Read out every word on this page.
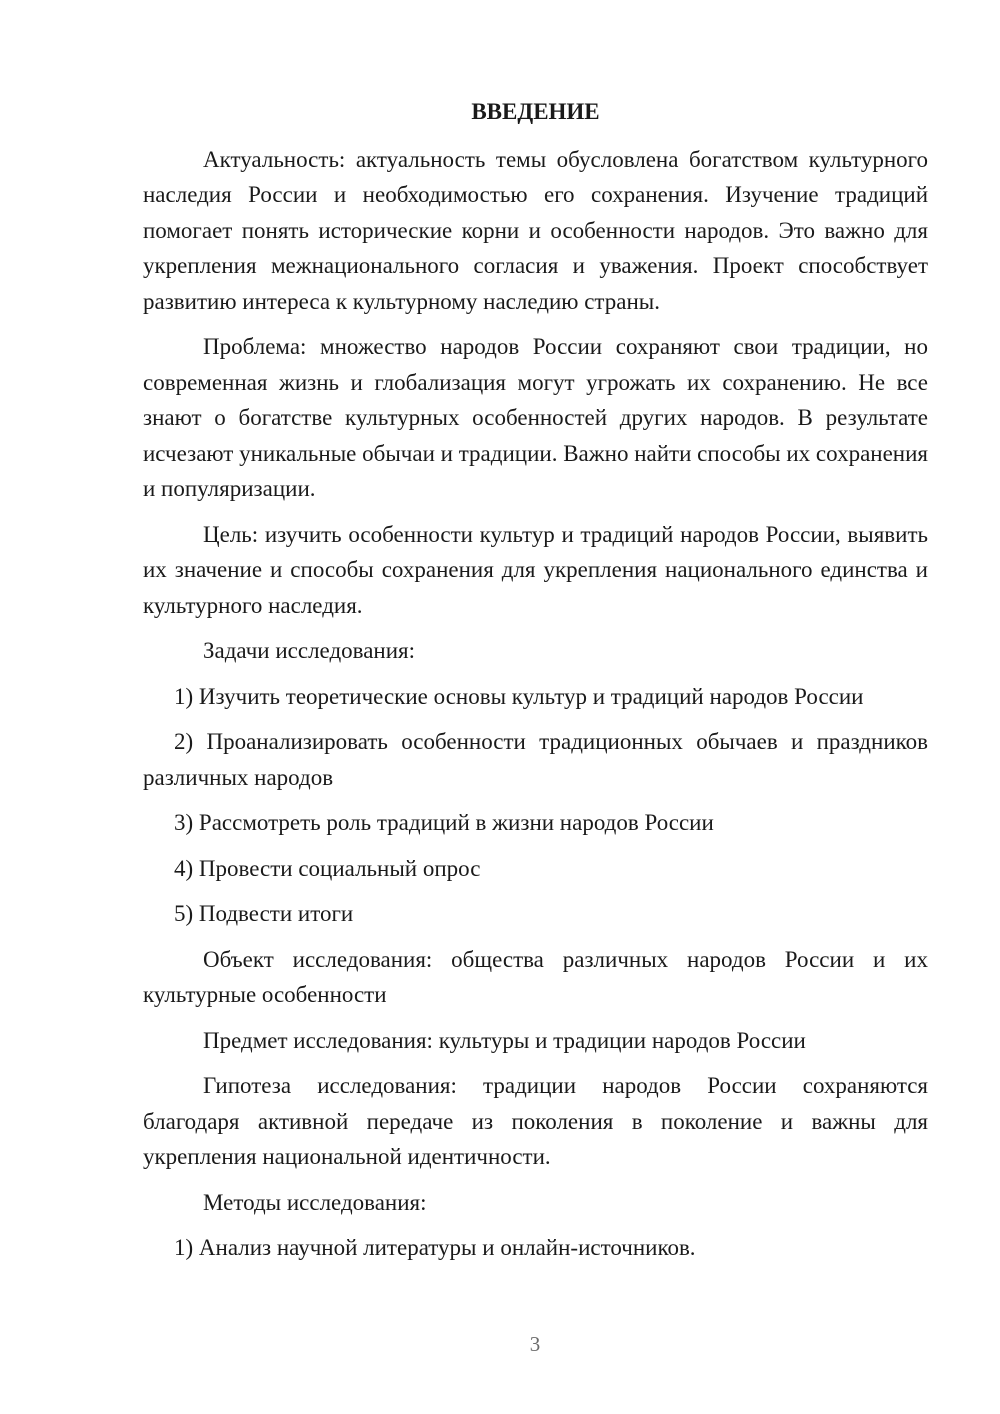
ВВЕДЕНИЕ

Актуальность: актуальность темы обусловлена богатством культурного наследия России и необходимостью его сохранения. Изучение традиций помогает понять исторические корни и особенности народов. Это важно для укрепления межнационального согласия и уважения. Проект способствует развитию интереса к культурному наследию страны.

Проблема: множество народов России сохраняют свои традиции, но современная жизнь и глобализация могут угрожать их сохранению. Не все знают о богатстве культурных особенностей других народов. В результате исчезают уникальные обычаи и традиции. Важно найти способы их сохранения и популяризации.

Цель: изучить особенности культур и традиций народов России, выявить их значение и способы сохранения для укрепления национального единства и культурного наследия.

Задачи исследования:

1) Изучить теоретические основы культур и традиций народов России

2) Проанализировать особенности традиционных обычаев и праздников различных народов

3) Рассмотреть роль традиций в жизни народов России

4) Провести социальный опрос

5) Подвести итоги

Объект исследования: общества различных народов России и их культурные особенности

Предмет исследования: культуры и традиции народов России

Гипотеза исследования: традиции народов России сохраняются благодаря активной передаче из поколения в поколение и важны для укрепления национальной идентичности.

Методы исследования:

1) Анализ научной литературы и онлайн-источников.

3
